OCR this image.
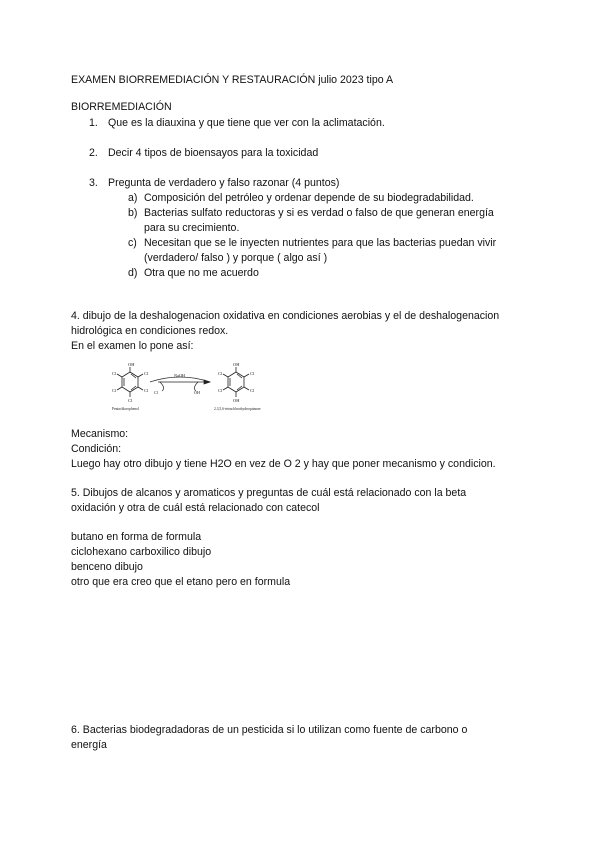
EXAMEN BIORREMEDIACIÓN Y RESTAURACIÓN julio 2023 tipo A
BIORREMEDIACIÓN
1. Que es la diauxina y que tiene que ver con la aclimatación.
2. Decir 4 tipos de bioensayos para la toxicidad
3. Pregunta de verdadero y falso razonar (4 puntos)
a) Composición del petróleo y ordenar depende de su biodegradabilidad.
b) Bacterias sulfato reductoras y si es verdad o falso de que generan energía
para su crecimiento.
c) Necesitan que se le inyecten nutrientes para que las bacterias puedan vivir
(verdadero/ falso ) y porque ( algo así )
d) Otra que no me acuerdo
4. dibujo de la deshalogenacion oxidativa en condiciones aerobias y el de deshalogenacion
hidrológica en condiciones redox.
En el examen lo pone así:
OH
Cl
Cl
Cl
Cl
Cl
Pentachlorophenol
NaOH
Cl	OH
OH
Cl
Cl
OH
Cl
Cl
2,3,5,6-tetrachlorohydroquinone
Mecanismo:
Condición:
Luego hay otro dibujo y tiene H2O en vez de O 2 y hay que poner mecanismo y condicion.
5. Dibujos de alcanos y aromaticos y preguntas de cuál está relacionado con la beta
oxidación y otra de cuál está relacionado con catecol
butano en forma de formula
ciclohexano carboxilico dibujo
benceno dibujo
otro que era creo que el etano pero en formula
6. Bacterias biodegradadoras de un pesticida si lo utilizan como fuente de carbono o
energía
